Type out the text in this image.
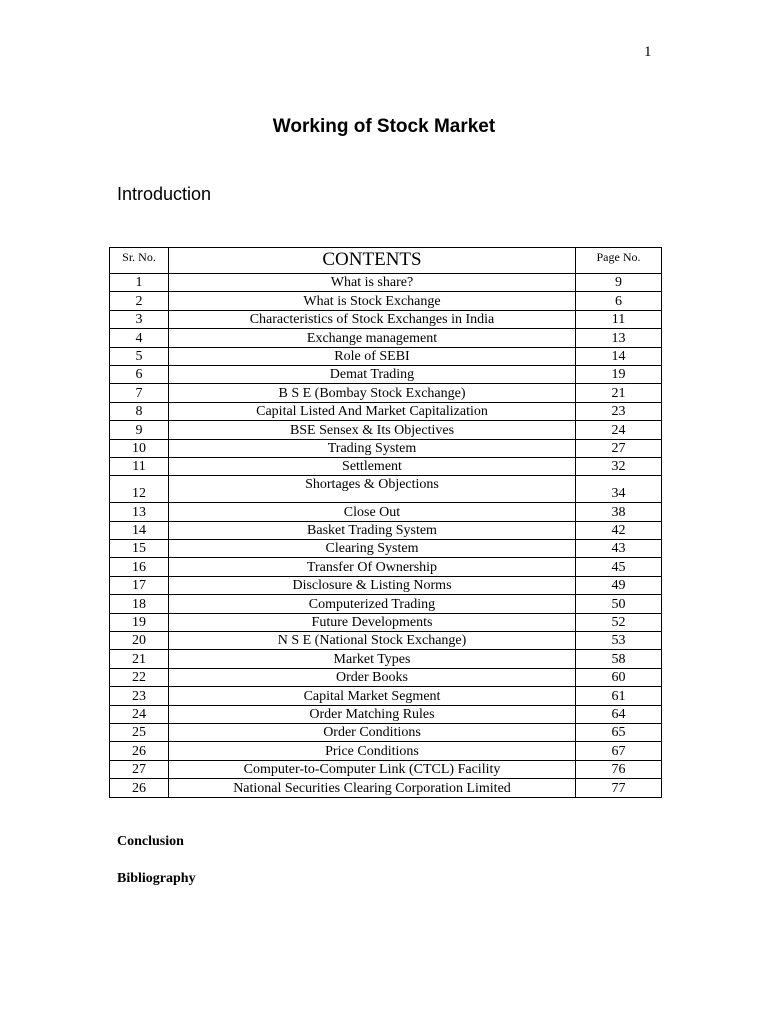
1
Working of Stock Market
Introduction
Sr. No.	CONTENTS	Page No.
1	What is share?	9
2	What is Stock Exchange	6
3	Characteristics of Stock Exchanges in India	11
4	Exchange management	13
5	Role of SEBI	14
6	Demat Trading	19
7	B S E (Bombay Stock Exchange)	21
8	Capital Listed And Market Capitalization	23
9	BSE Sensex & Its Objectives	24
10	Trading System	27
11	Settlement	32
12	Shortages & Objections	34
13	Close Out	38
14	Basket Trading System	42
15	Clearing System	43
16	Transfer Of Ownership	45
17	Disclosure & Listing Norms	49
18	Computerized Trading	50
19	Future Developments	52
20	N S E (National Stock Exchange)	53
21	Market Types	58
22	Order Books	60
23	Capital Market Segment	61
24	Order Matching Rules	64
25	Order Conditions	65
26	Price Conditions	67
27	Computer-to-Computer Link (CTCL) Facility	76
26	National Securities Clearing Corporation Limited	77
Conclusion
Bibliography
